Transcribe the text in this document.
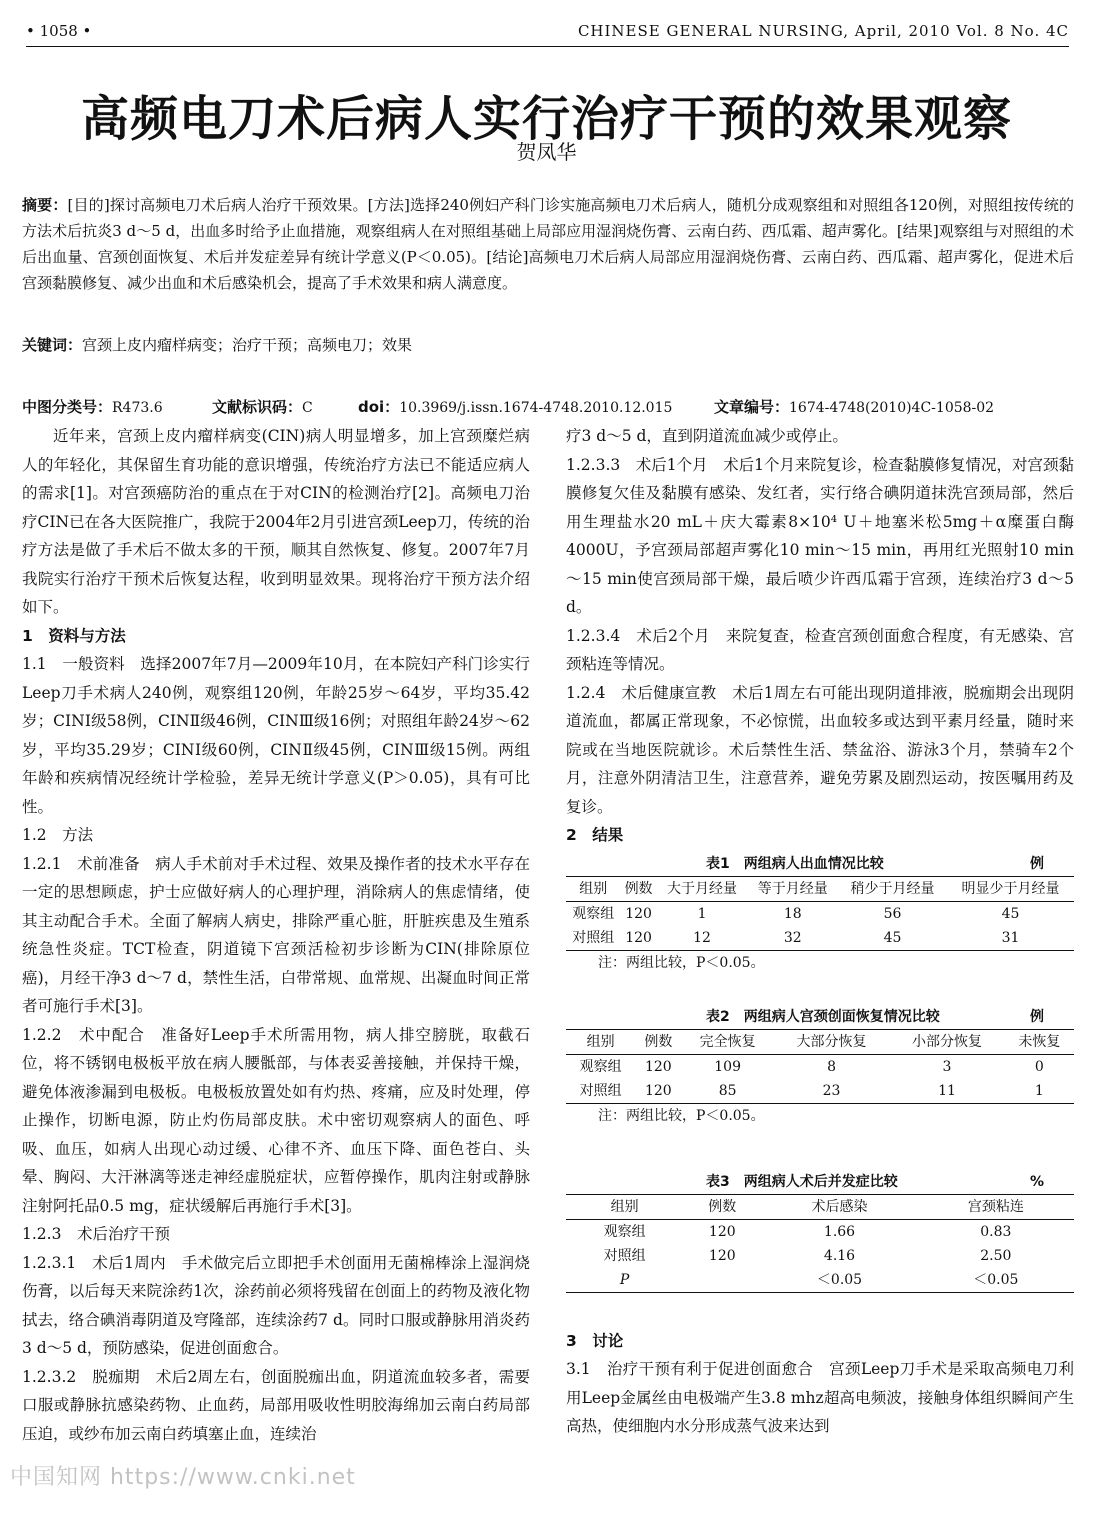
• 1058 •	CHINESE GENERAL NURSING, April, 2010 Vol. 8 No. 4C
高频电刀术后病人实行治疗干预的效果观察
贺凤华
摘要：[目的]探讨高频电刀术后病人治疗干预效果。[方法]选择240例妇产科门诊实施高频电刀术后病人，随机分成观察组和对照组各120例，对照组按传统的方法术后抗炎3 d～5 d，出血多时给予止血措施，观察组病人在对照组基础上局部应用湿润烧伤膏、云南白药、西瓜霜、超声雾化。[结果]观察组与对照组的术后出血量、宫颈创面恢复、术后并发症差异有统计学意义(P＜0.05)。[结论]高频电刀术后病人局部应用湿润烧伤膏、云南白药、西瓜霜、超声雾化，促进术后宫颈黏膜修复、减少出血和术后感染机会，提高了手术效果和病人满意度。
关键词：宫颈上皮内瘤样病变；治疗干预；高频电刀；效果
中图分类号：R473.6	文献标识码：C	doi：10.3969/j.issn.1674-4748.2010.12.015	文章编号：1674-4748(2010)4C-1058-02

近年来，宫颈上皮内瘤样病变(CIN)病人明显增多，加上宫颈糜烂病人的年轻化，其保留生育功能的意识增强，传统治疗方法已不能适应病人的需求[1]。对宫颈癌防治的重点在于对CIN的检测治疗[2]。高频电刀治疗CIN已在各大医院推广，我院于2004年2月引进宫颈Leep刀，传统的治疗方法是做了手术后不做太多的干预，顺其自然恢复、修复。2007年7月我院实行治疗干预术后恢复达程，收到明显效果。现将治疗干预方法介绍如下。

1　资料与方法

1.1　一般资料　选择2007年7月—2009年10月，在本院妇产科门诊实行Leep刀手术病人240例，观察组120例，年龄25岁～64岁，平均35.42岁；CINⅠ级58例，CINⅡ级46例，CINⅢ级16例；对照组年龄24岁～62岁，平均35.29岁；CINⅠ级60例，CINⅡ级45例，CINⅢ级15例。两组年龄和疾病情况经统计学检验，差异无统计学意义(P＞0.05)，具有可比性。

1.2　方法

1.2.1　术前准备　病人手术前对手术过程、效果及操作者的技术水平存在一定的思想顾虑，护士应做好病人的心理护理，消除病人的焦虑情绪，使其主动配合手术。全面了解病人病史，排除严重心脏，肝脏疾患及生殖系统急性炎症。TCT检查，阴道镜下宫颈活检初步诊断为CIN(排除原位癌)，月经干净3 d～7 d，禁性生活，白带常规、血常规、出凝血时间正常者可施行手术[3]。

1.2.2　术中配合　准备好Leep手术所需用物，病人排空膀胱，取截石位，将不锈钢电极板平放在病人腰骶部，与体表妥善接触，并保持干燥，避免体液渗漏到电极板。电极板放置处如有灼热、疼痛，应及时处理，停止操作，切断电源，防止灼伤局部皮肤。术中密切观察病人的面色、呼吸、血压，如病人出现心动过缓、心律不齐、血压下降、面色苍白、头晕、胸闷、大汗淋漓等迷走神经虚脱症状，应暂停操作，肌肉注射或静脉注射阿托品0.5 mg，症状缓解后再施行手术[3]。

1.2.3　术后治疗干预

1.2.3.1　术后1周内　手术做完后立即把手术创面用无菌棉棒涂上湿润烧伤膏，以后每天来院涂药1次，涂药前必须将残留在创面上的药物及液化物拭去，络合碘消毒阴道及穹隆部，连续涂药7 d。同时口服或静脉用消炎药3 d～5 d，预防感染，促进创面愈合。

1.2.3.2　脱痂期　术后2周左右，创面脱痂出血，阴道流血较多者，需要口服或静脉抗感染药物、止血药，局部用吸收性明胶海绵加云南白药局部压迫，或纱布加云南白药填塞止血，连续治

疗3 d～5 d，直到阴道流血减少或停止。

1.2.3.3　术后1个月　术后1个月来院复诊，检查黏膜修复情况，对宫颈黏膜修复欠佳及黏膜有感染、发红者，实行络合碘阴道抹洗宫颈局部，然后用生理盐水20 mL＋庆大霉素8×10⁴ U＋地塞米松5mg＋α糜蛋白酶4000U，予宫颈局部超声雾化10 min～15 min，再用红光照射10 min～15 min使宫颈局部干燥，最后喷少许西瓜霜于宫颈，连续治疗3 d～5 d。

1.2.3.4　术后2个月　来院复查，检查宫颈创面愈合程度，有无感染、宫颈粘连等情况。

1.2.4　术后健康宣教　术后1周左右可能出现阴道排液，脱痂期会出现阴道流血，都属正常现象，不必惊慌，出血较多或达到平素月经量，随时来院或在当地医院就诊。术后禁性生活、禁盆浴、游泳3个月，禁骑车2个月，注意外阴清洁卫生，注意营养，避免劳累及剧烈运动，按医嘱用药及复诊。

2　结果

表1　两组病人出血情况比较	例
组别	例数	大于月经量	等于月经量	稍少于月经量	明显少于月经量
观察组	120	1	18	56	45
对照组	120	12	32	45	31
注：两组比较，P＜0.05。
表2　两组病人宫颈创面恢复情况比较	例
组别	例数	完全恢复	大部分恢复	小部分恢复	未恢复
观察组	120	109	8	3	0
对照组	120	85	23	11	1
注：两组比较，P＜0.05。
表3　两组病人术后并发症比较	%
组别	例数	术后感染	宫颈粘连
观察组	120	1.66	0.83
对照组	120	4.16	2.50
P		＜0.05	＜0.05

3　讨论

3.1　治疗干预有利于促进创面愈合　宫颈Leep刀手术是采取高频电刀利用Leep金属丝由电极端产生3.8 mhz超高电频波，接触身体组织瞬间产生高热，使细胞内水分形成蒸气波来达到

中国知网 https://www.cnki.net
